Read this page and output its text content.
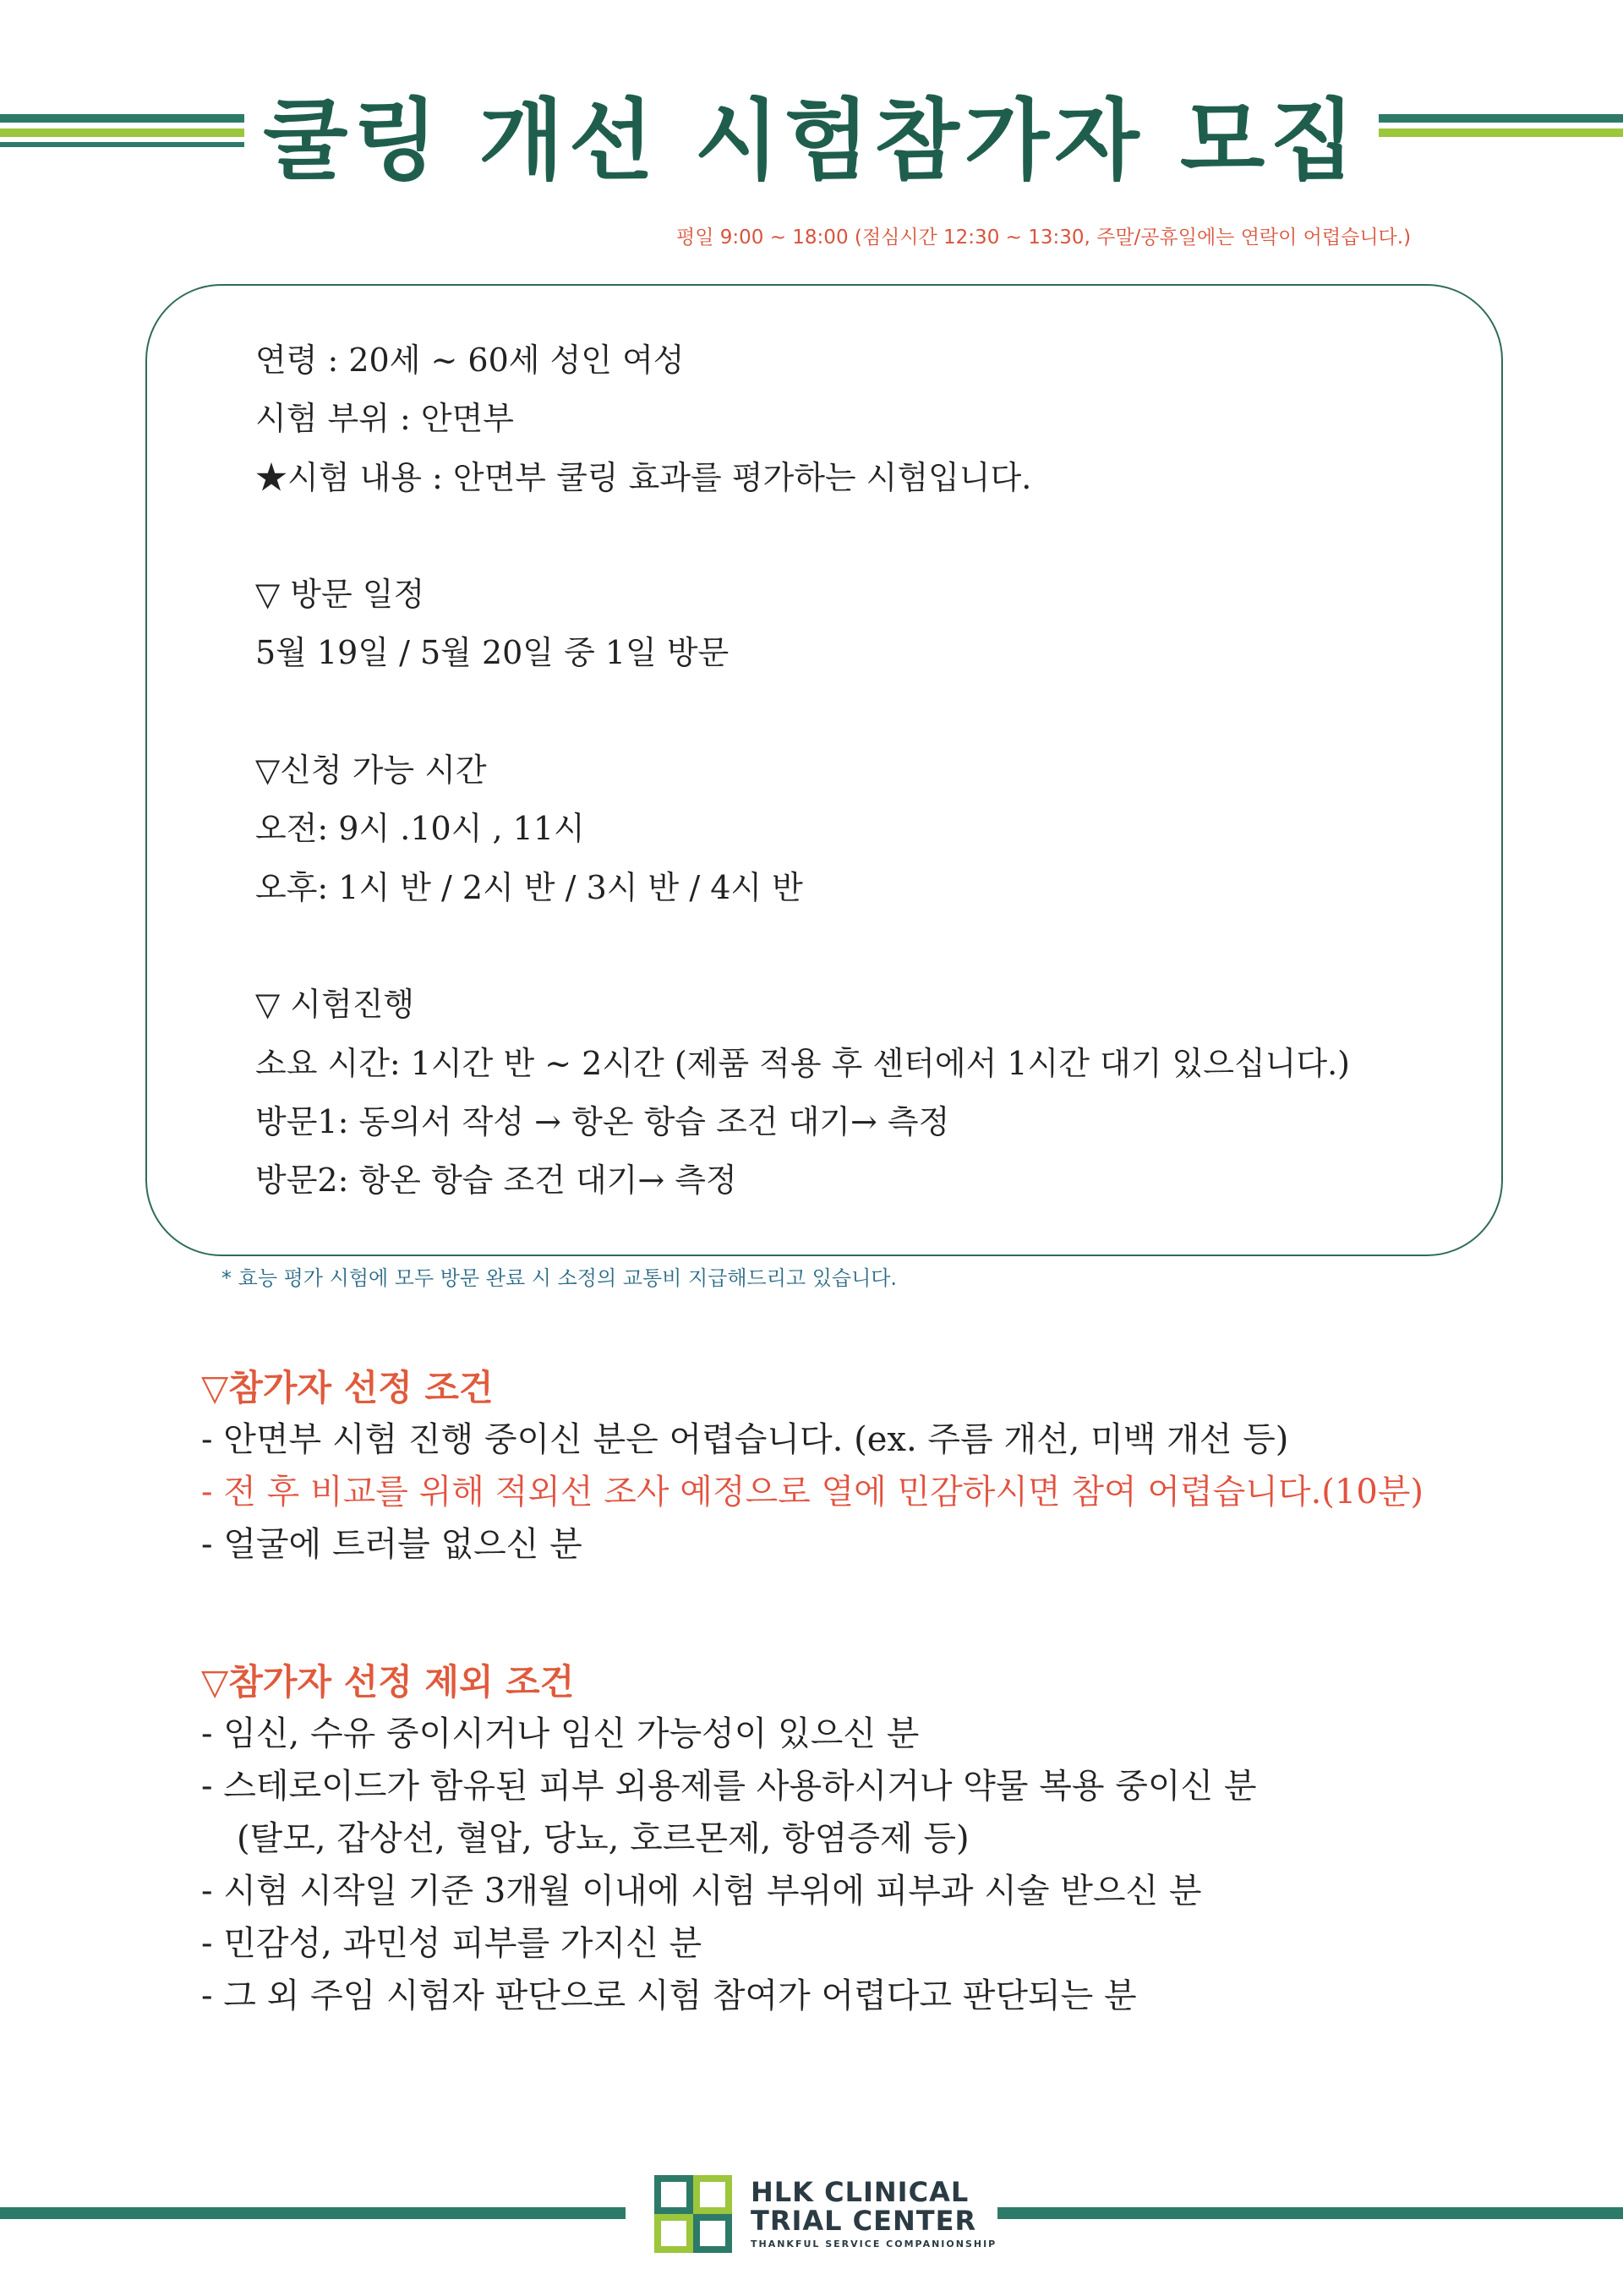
쿨링 개선 시험참가자 모집
평일 9:00 ~ 18:00 (점심시간 12:30 ~ 13:30, 주말/공휴일에는 연락이 어렵습니다.)
연령 : 20세 ~ 60세 성인 여성
시험 부위 : 안면부
★시험 내용 : 안면부 쿨링 효과를 평가하는 시험입니다.
▽ 방문 일정
5월 19일 / 5월 20일 중 1일 방문
▽신청 가능 시간
오전: 9시 .10시 , 11시
오후: 1시 반 / 2시 반 / 3시 반 / 4시 반
▽ 시험진행
소요 시간: 1시간 반 ~ 2시간 (제품 적용 후 센터에서 1시간 대기 있으십니다.)
방문1: 동의서 작성 → 항온 항습 조건 대기→ 측정
방문2: 항온 항습 조건 대기→ 측정
* 효능 평가 시험에 모두 방문 완료 시 소정의 교통비 지급해드리고 있습니다.
▽참가자 선정 조건
- 안면부 시험 진행 중이신 분은 어렵습니다. (ex. 주름 개선, 미백 개선 등)
- 전 후 비교를 위해 적외선 조사 예정으로 열에 민감하시면 참여 어렵습니다.(10분)
- 얼굴에 트러블 없으신 분
▽참가자 선정 제외 조건
- 임신, 수유 중이시거나 임신 가능성이 있으신 분
- 스테로이드가 함유된 피부 외용제를 사용하시거나 약물 복용 중이신 분
(탈모, 갑상선, 혈압, 당뇨, 호르몬제, 항염증제 등)
- 시험 시작일 기준 3개월 이내에 시험 부위에 피부과 시술 받으신 분
- 민감성, 과민성 피부를 가지신 분
- 그 외 주임 시험자 판단으로 시험 참여가 어렵다고 판단되는 분
HLK CLINICAL
TRIAL CENTER
THANKFUL SERVICE COMPANIONSHIP
